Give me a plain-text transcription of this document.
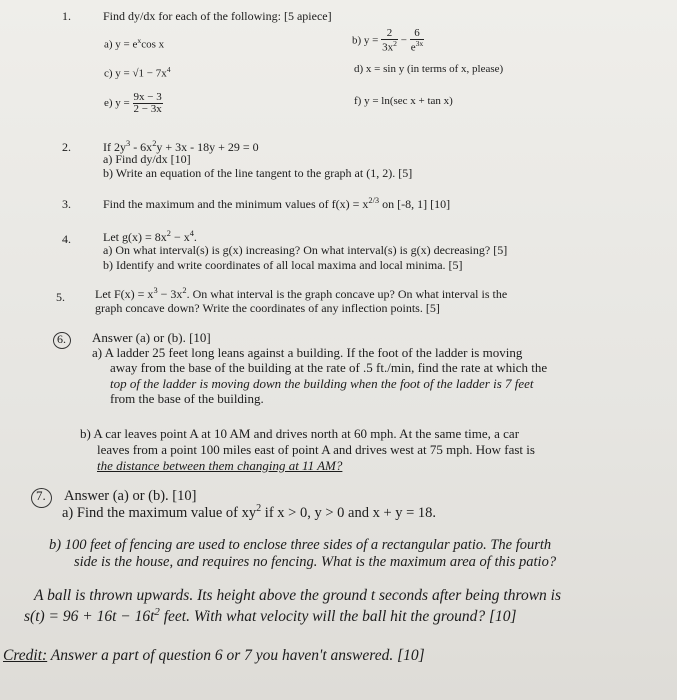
1.	Find dy/dx for each of the following: [5 apiece]
a) $y = e^x\cos$ x	b) $y = \frac{2}{3x^2} - \frac{6}{e^{3x}}$
c) $y = √1 - 7x^4$	d) x = sin y (in terms of x, please)
e) $y = \frac{9x - 3}{2 - 3x}$	f) y = ln(sec x + tan x)
2.	If $2y^3 - 6x^2y + 3x - 18y + 29 = 0$
a) Find dy/dx [10]
b) Write an equation of the line tangent to the graph at (1, 2). [5]
3.	Find the maximum and the minimum values of $f(x) = x^{2/3}$ on [-8, 1] [10]
4.	Let $g(x) = 8x^2 - x^4$.
a) On what interval(s) is g(x) increasing? On what interval(s) is g(x) decreasing? [5]
b) Identify and write coordinates of all local maxima and local minima. [5]
5.	Let $F(x) = x^3 - 3x^2$. On what interval is the graph concave up? On what interval is the
graph concave down? Write the coordinates of any inflection points. [5]
6. Answer (a) or (b). [10]
a) A ladder 25 feet long leans against a building. If the foot of the ladder is moving
away from the base of the building at the rate of .5 ft./min, find the rate at which the
top of the ladder is moving down the building when the foot of the ladder is 7 feet
from the base of the building.
b) A car leaves point A at 10 AM and drives north at 60 mph. At the same time, a car
leaves from a point 100 miles east of point A and drives west at 75 mph. How fast is
the distance between them changing at 11 AM?
7. Answer (a) or (b). [10]
a) Find the maximum value of $xy^2$ if x > 0, y > 0 and x + y = 18.
b) 100 feet of fencing are used to enclose three sides of a rectangular patio. The fourth
side is the house, and requires no fencing. What is the maximum area of this patio?
A ball is thrown upwards. Its height above the ground t seconds after being thrown is
$s(t) = 96 + 16t - 16t^2$ feet. With what velocity will the ball hit the ground? [10]
Credit: Answer a part of question 6 or 7 you haven't answered. [10]
